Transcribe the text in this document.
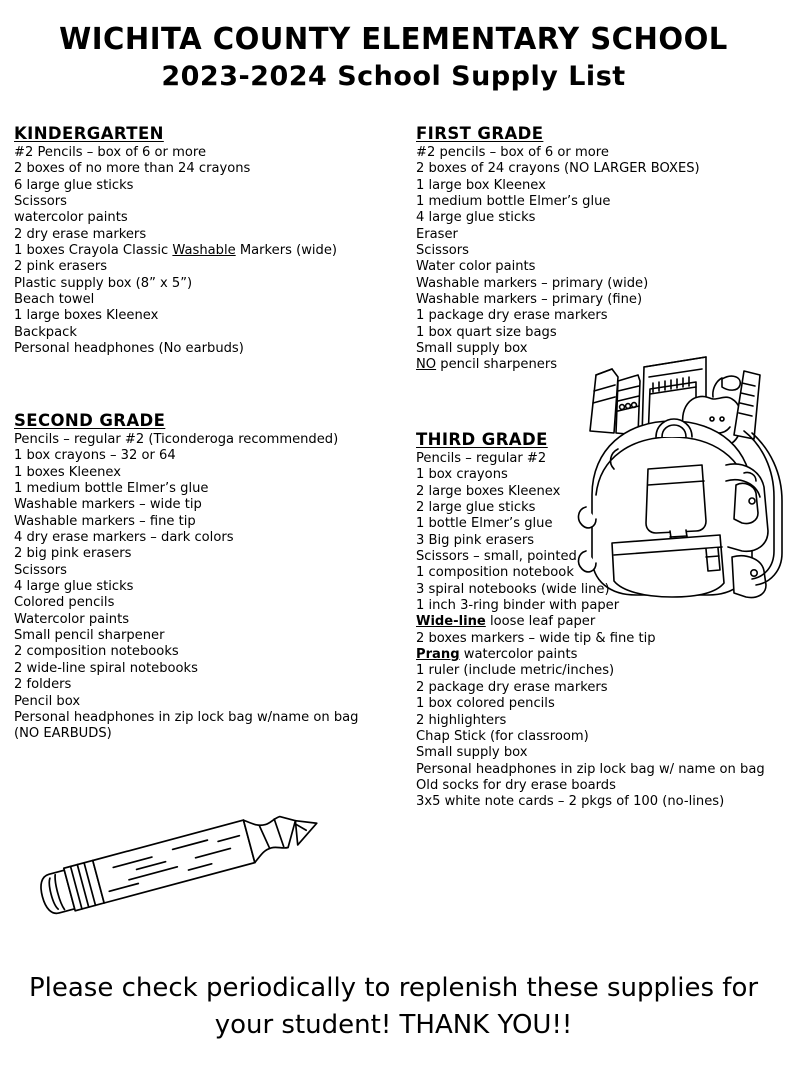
WICHITA COUNTY ELEMENTARY SCHOOL
2023-2024 School Supply List
KINDERGARTEN
#2 Pencils – box of 6 or more
2 boxes of no more than 24 crayons
6 large glue sticks
Scissors
watercolor paints
2 dry erase markers
1 boxes Crayola Classic Washable Markers (wide)
2 pink erasers
Plastic supply box (8” x 5”)
Beach towel
1 large boxes Kleenex
Backpack
Personal headphones (No earbuds)
SECOND GRADE
Pencils – regular #2 (Ticonderoga recommended)
1 box crayons – 32 or 64
1 boxes Kleenex
1 medium bottle Elmer’s glue
Washable markers – wide tip
Washable markers – fine tip
4 dry erase markers – dark colors
2 big pink erasers
Scissors
4 large glue sticks
Colored pencils
Watercolor paints
Small pencil sharpener
2 composition notebooks
2 wide-line spiral notebooks
2 folders
Pencil box
Personal headphones in zip lock bag w/name on bag
(NO EARBUDS)
FIRST GRADE
#2 pencils – box of 6 or more
2 boxes of 24 crayons (NO LARGER BOXES)
1 large box Kleenex
1 medium bottle Elmer’s glue
4 large glue sticks
Eraser
Scissors
Water color paints
Washable markers – primary (wide)
Washable markers – primary (fine)
1 package dry erase markers
1 box quart size bags
Small supply box
NO pencil sharpeners
THIRD GRADE
Pencils – regular #2
1 box crayons
2 large boxes Kleenex
2 large glue sticks
1 bottle Elmer’s glue
3 Big pink erasers
Scissors – small, pointed
1 composition notebook
3 spiral notebooks (wide line)
1 inch 3-ring binder with paper
Wide-line loose leaf paper
2 boxes markers – wide tip & fine tip
Prang watercolor paints
1 ruler (include metric/inches)
2 package dry erase markers
1 box colored pencils
2 highlighters
Chap Stick (for classroom)
Small supply box
Personal headphones in zip lock bag w/ name on bag
Old socks for dry erase boards
3x5 white note cards – 2 pkgs of 100 (no-lines)
Please check periodically to replenish these supplies for your student! THANK YOU!!
